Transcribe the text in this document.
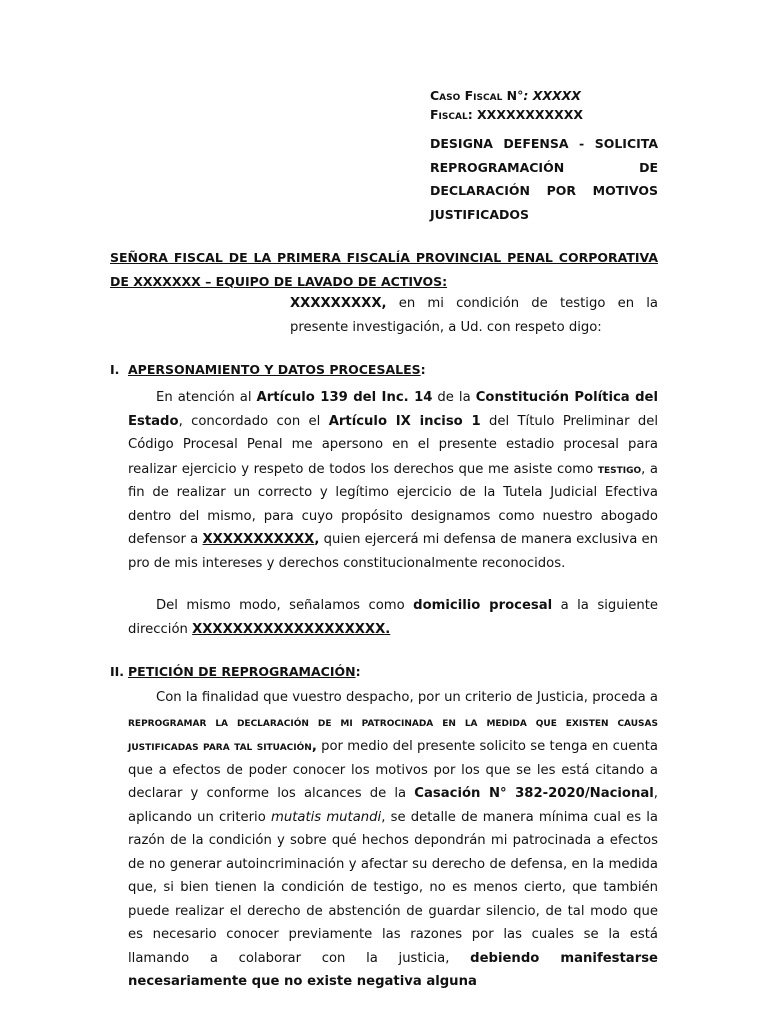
Caso Fiscal N°: XXXXX
Fiscal: XXXXXXXXXXX
DESIGNA DEFENSA - SOLICITA REPROGRAMACIÓN DE DECLARACIÓN POR MOTIVOS JUSTIFICADOS
SEÑORA FISCAL DE LA PRIMERA FISCALÍA PROVINCIAL PENAL CORPORATIVA DE XXXXXXX – EQUIPO DE LAVADO DE ACTIVOS:
XXXXXXXXX, en mi condición de testigo en la presente investigación, a Ud. con respeto digo:
I. APERSONAMIENTO Y DATOS PROCESALES:
En atención al Artículo 139 del Inc. 14 de la Constitución Política del Estado, concordado con el Artículo IX inciso 1 del Título Preliminar del Código Procesal Penal me apersono en el presente estadio procesal para realizar ejercicio y respeto de todos los derechos que me asiste como testigo, a fin de realizar un correcto y legítimo ejercicio de la Tutela Judicial Efectiva dentro del mismo, para cuyo propósito designamos como nuestro abogado defensor a XXXXXXXXXXX, quien ejercerá mi defensa de manera exclusiva en pro de mis intereses y derechos constitucionalmente reconocidos.
Del mismo modo, señalamos como domicilio procesal a la siguiente dirección XXXXXXXXXXXXXXXXXXX.
II. PETICIÓN DE REPROGRAMACIÓN:
Con la finalidad que vuestro despacho, por un criterio de Justicia, proceda a reprogramar la declaración de mi patrocinada en la medida que existen causas justificadas para tal situación, por medio del presente solicito se tenga en cuenta que a efectos de poder conocer los motivos por los que se les está citando a declarar y conforme los alcances de la Casación N° 382-2020/Nacional, aplicando un criterio mutatis mutandi, se detalle de manera mínima cual es la razón de la condición y sobre qué hechos depondrán mi patrocinada a efectos de no generar autoincriminación y afectar su derecho de defensa, en la medida que, si bien tienen la condición de testigo, no es menos cierto, que también puede realizar el derecho de abstención de guardar silencio, de tal modo que es necesario conocer previamente las razones por las cuales se la está llamando a colaborar con la justicia, debiendo manifestarse necesariamente que no existe negativa alguna
